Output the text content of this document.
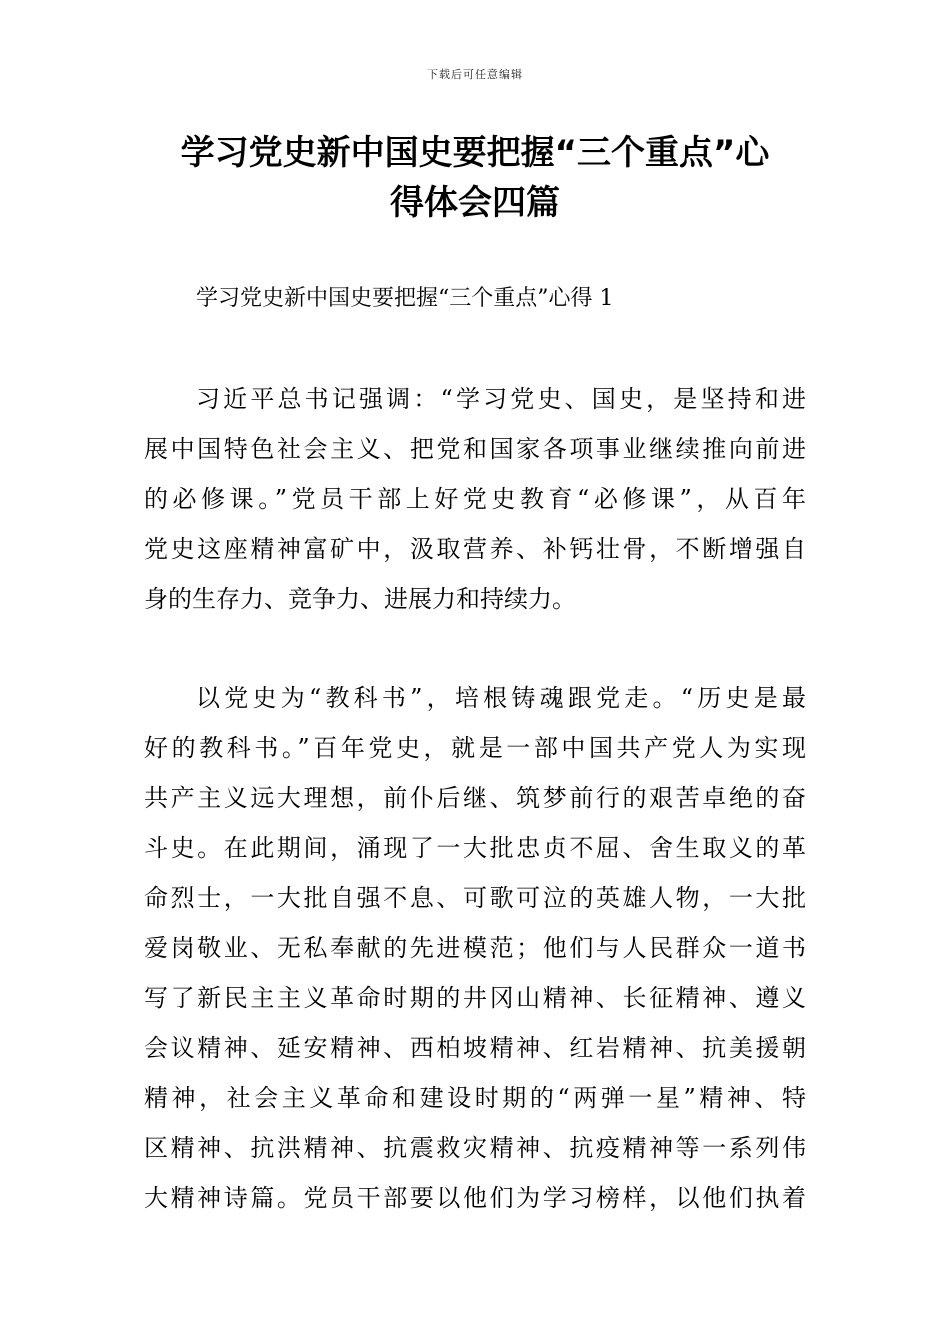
下载后可任意编辑
学习党史新中国史要把握“三个重点”心
得体会四篇
学习党史新中国史要把握“三个重点”心得 1
习近平总书记强调：“学习党史、国史，是坚持和进
展中国特色社会主义、把党和国家各项事业继续推向前进
的必修课。”党员干部上好党史教育“必修课”，从百年
党史这座精神富矿中，汲取营养、补钙壮骨，不断增强自
身的生存力、竞争力、进展力和持续力。
以党史为“教科书”，培根铸魂跟党走。“历史是最
好的教科书。”百年党史，就是一部中国共产党人为实现
共产主义远大理想，前仆后继、筑梦前行的艰苦卓绝的奋
斗史。在此期间，涌现了一大批忠贞不屈、舍生取义的革
命烈士，一大批自强不息、可歌可泣的英雄人物，一大批
爱岗敬业、无私奉献的先进模范；他们与人民群众一道书
写了新民主主义革命时期的井冈山精神、长征精神、遵义
会议精神、延安精神、西柏坡精神、红岩精神、抗美援朝
精神，社会主义革命和建设时期的“两弹一星”精神、特
区精神、抗洪精神、抗震救灾精神、抗疫精神等一系列伟
大精神诗篇。党员干部要以他们为学习榜样，以他们执着
